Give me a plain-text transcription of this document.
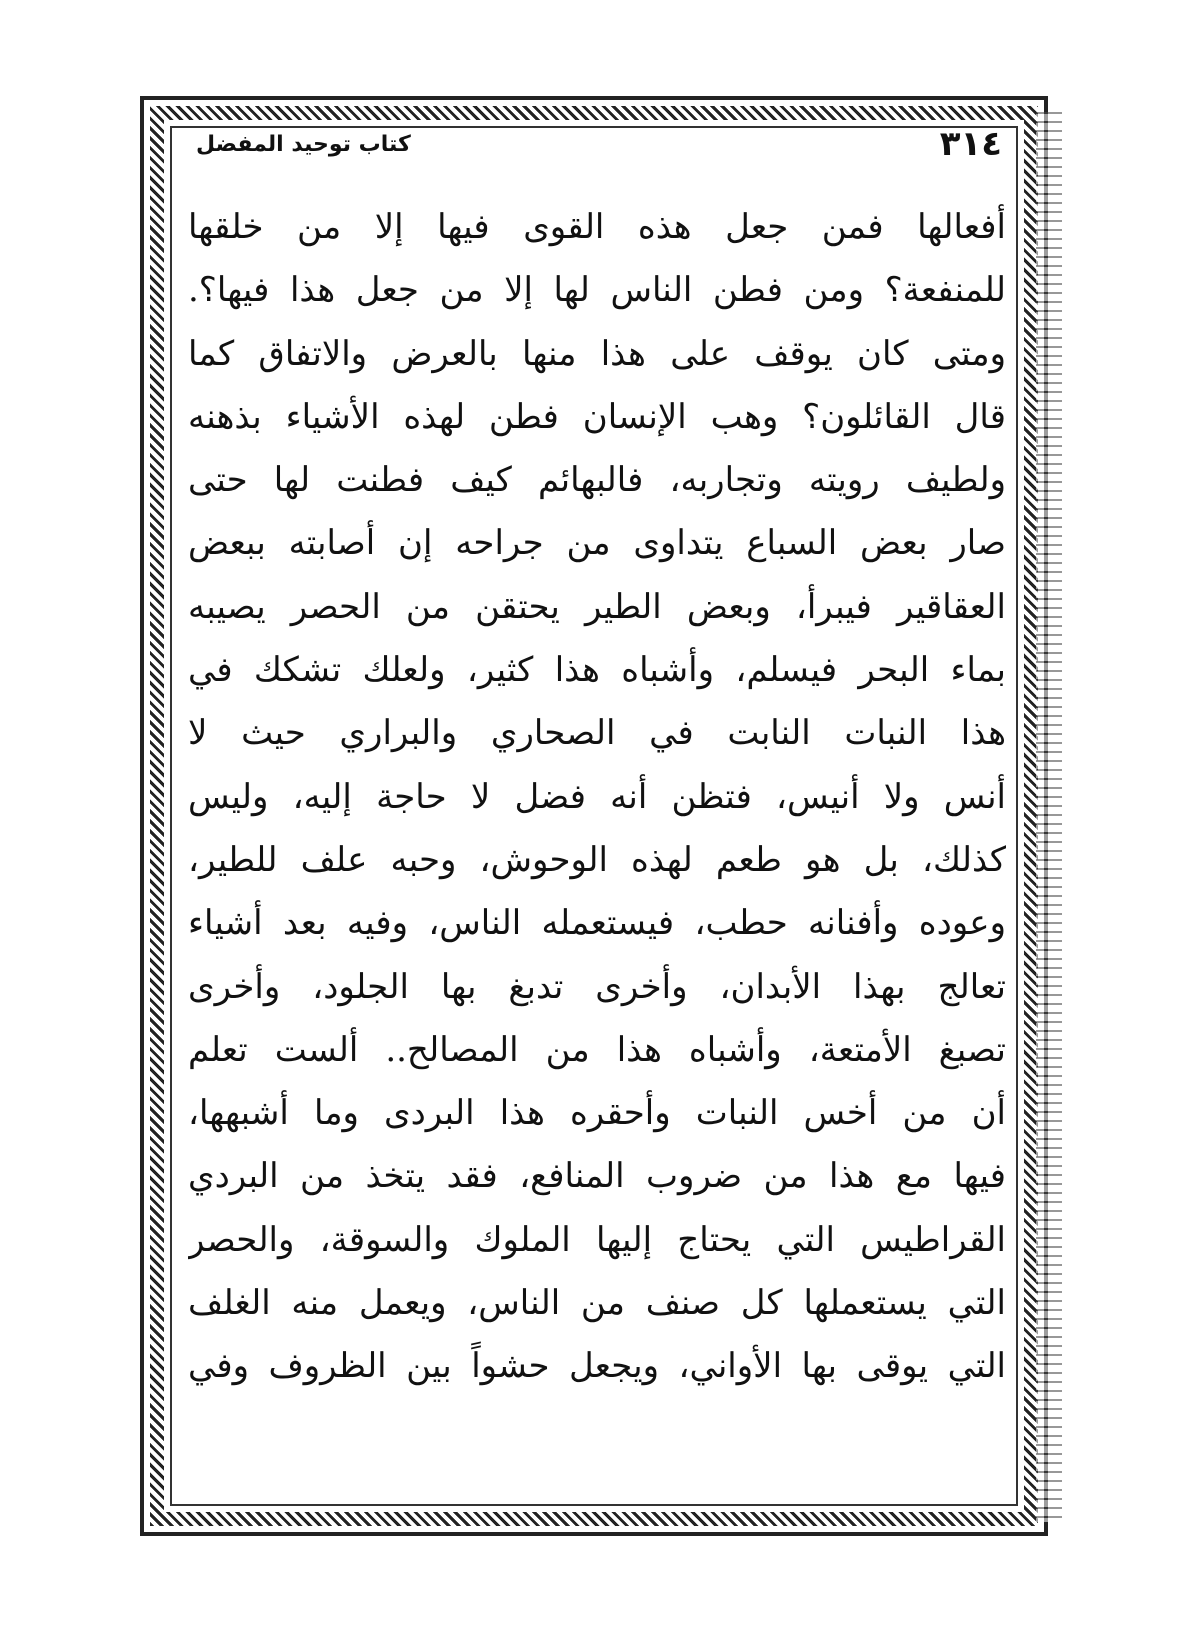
٣١٤
كتاب توحيد المفضل
أفعالها فمن جعل هذه القوى فيها إلا من خلقها
للمنفعة؟ ومن فطن الناس لها إلا من جعل هذا فيها؟.
ومتى كان يوقف على هذا منها بالعرض والاتفاق كما
قال القائلون؟ وهب الإنسان فطن لهذه الأشياء بذهنه
ولطيف رويته وتجاربه، فالبهائم كيف فطنت لها حتى
صار بعض السباع يتداوى من جراحه إن أصابته ببعض
العقاقير فيبرأ، وبعض الطير يحتقن من الحصر يصيبه
بماء البحر فيسلم، وأشباه هذا كثير، ولعلك تشكك في
هذا النبات النابت في الصحاري والبراري حيث لا
أنس ولا أنيس، فتظن أنه فضل لا حاجة إليه، وليس
كذلك، بل هو طعم لهذه الوحوش، وحبه علف للطير،
وعوده وأفنانه حطب، فيستعمله الناس، وفيه بعد أشياء
تعالج بهذا الأبدان، وأخرى تدبغ بها الجلود، وأخرى
تصبغ الأمتعة، وأشباه هذا من المصالح.. ألست تعلم
أن من أخس النبات وأحقره هذا البردى وما أشبهها،
فيها مع هذا من ضروب المنافع، فقد يتخذ من البردي
القراطيس التي يحتاج إليها الملوك والسوقة، والحصر
التي يستعملها كل صنف من الناس، ويعمل منه الغلف
التي يوقى بها الأواني، ويجعل حشواً بين الظروف وفي
